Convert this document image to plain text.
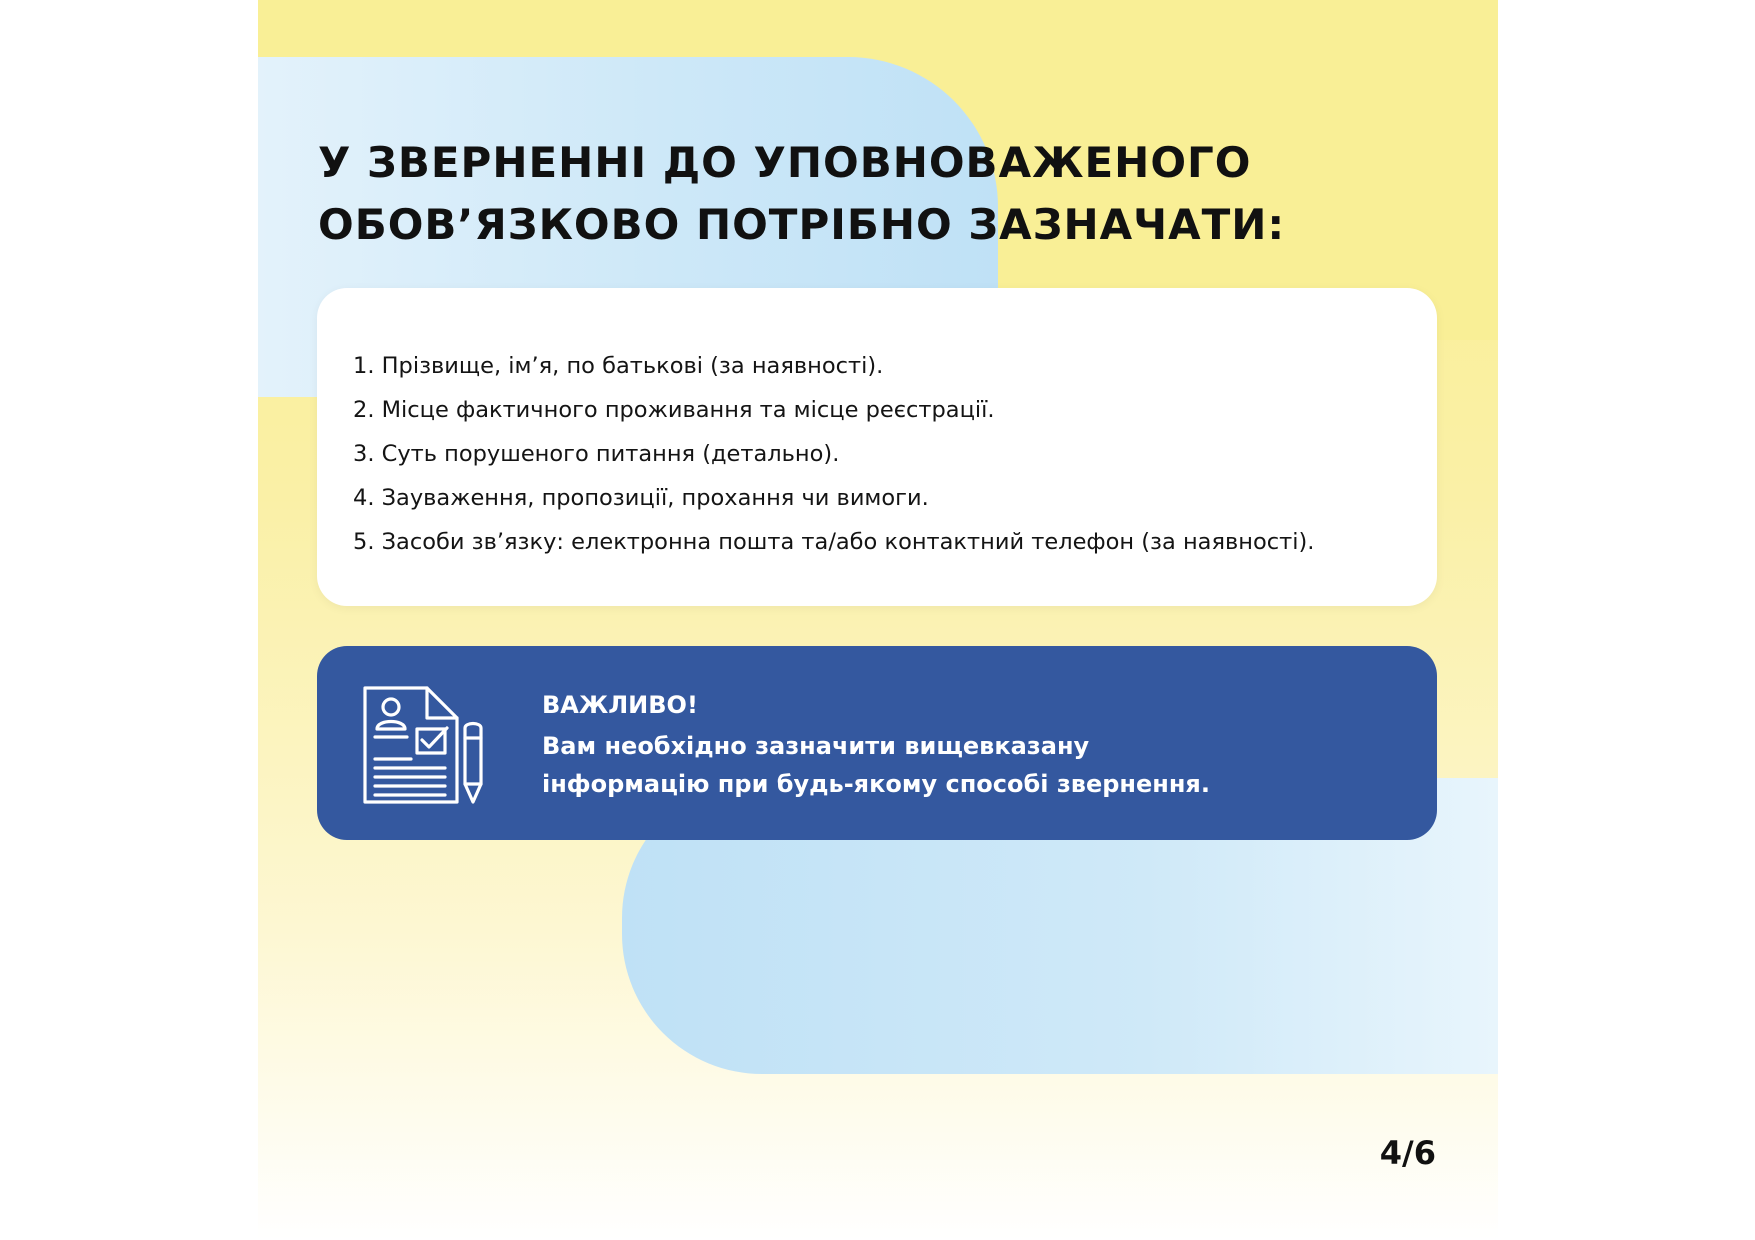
У ЗВЕРНЕННІ ДО УПОВНОВАЖЕНОГО
ОБОВ’ЯЗКОВО ПОТРІБНО ЗАЗНАЧАТИ:
1. Прізвище, ім’я, по батькові (за наявності).
2. Місце фактичного проживання та місце реєстрації.
3. Суть порушеного питання (детально).
4. Зауваження, пропозиції, прохання чи вимоги.
5. Засоби зв’язку: електронна пошта та/або контактний телефон (за наявності).
ВАЖЛИВО!
Вам необхідно зазначити вищевказану
інформацію при будь-якому способі звернення.
4/6
